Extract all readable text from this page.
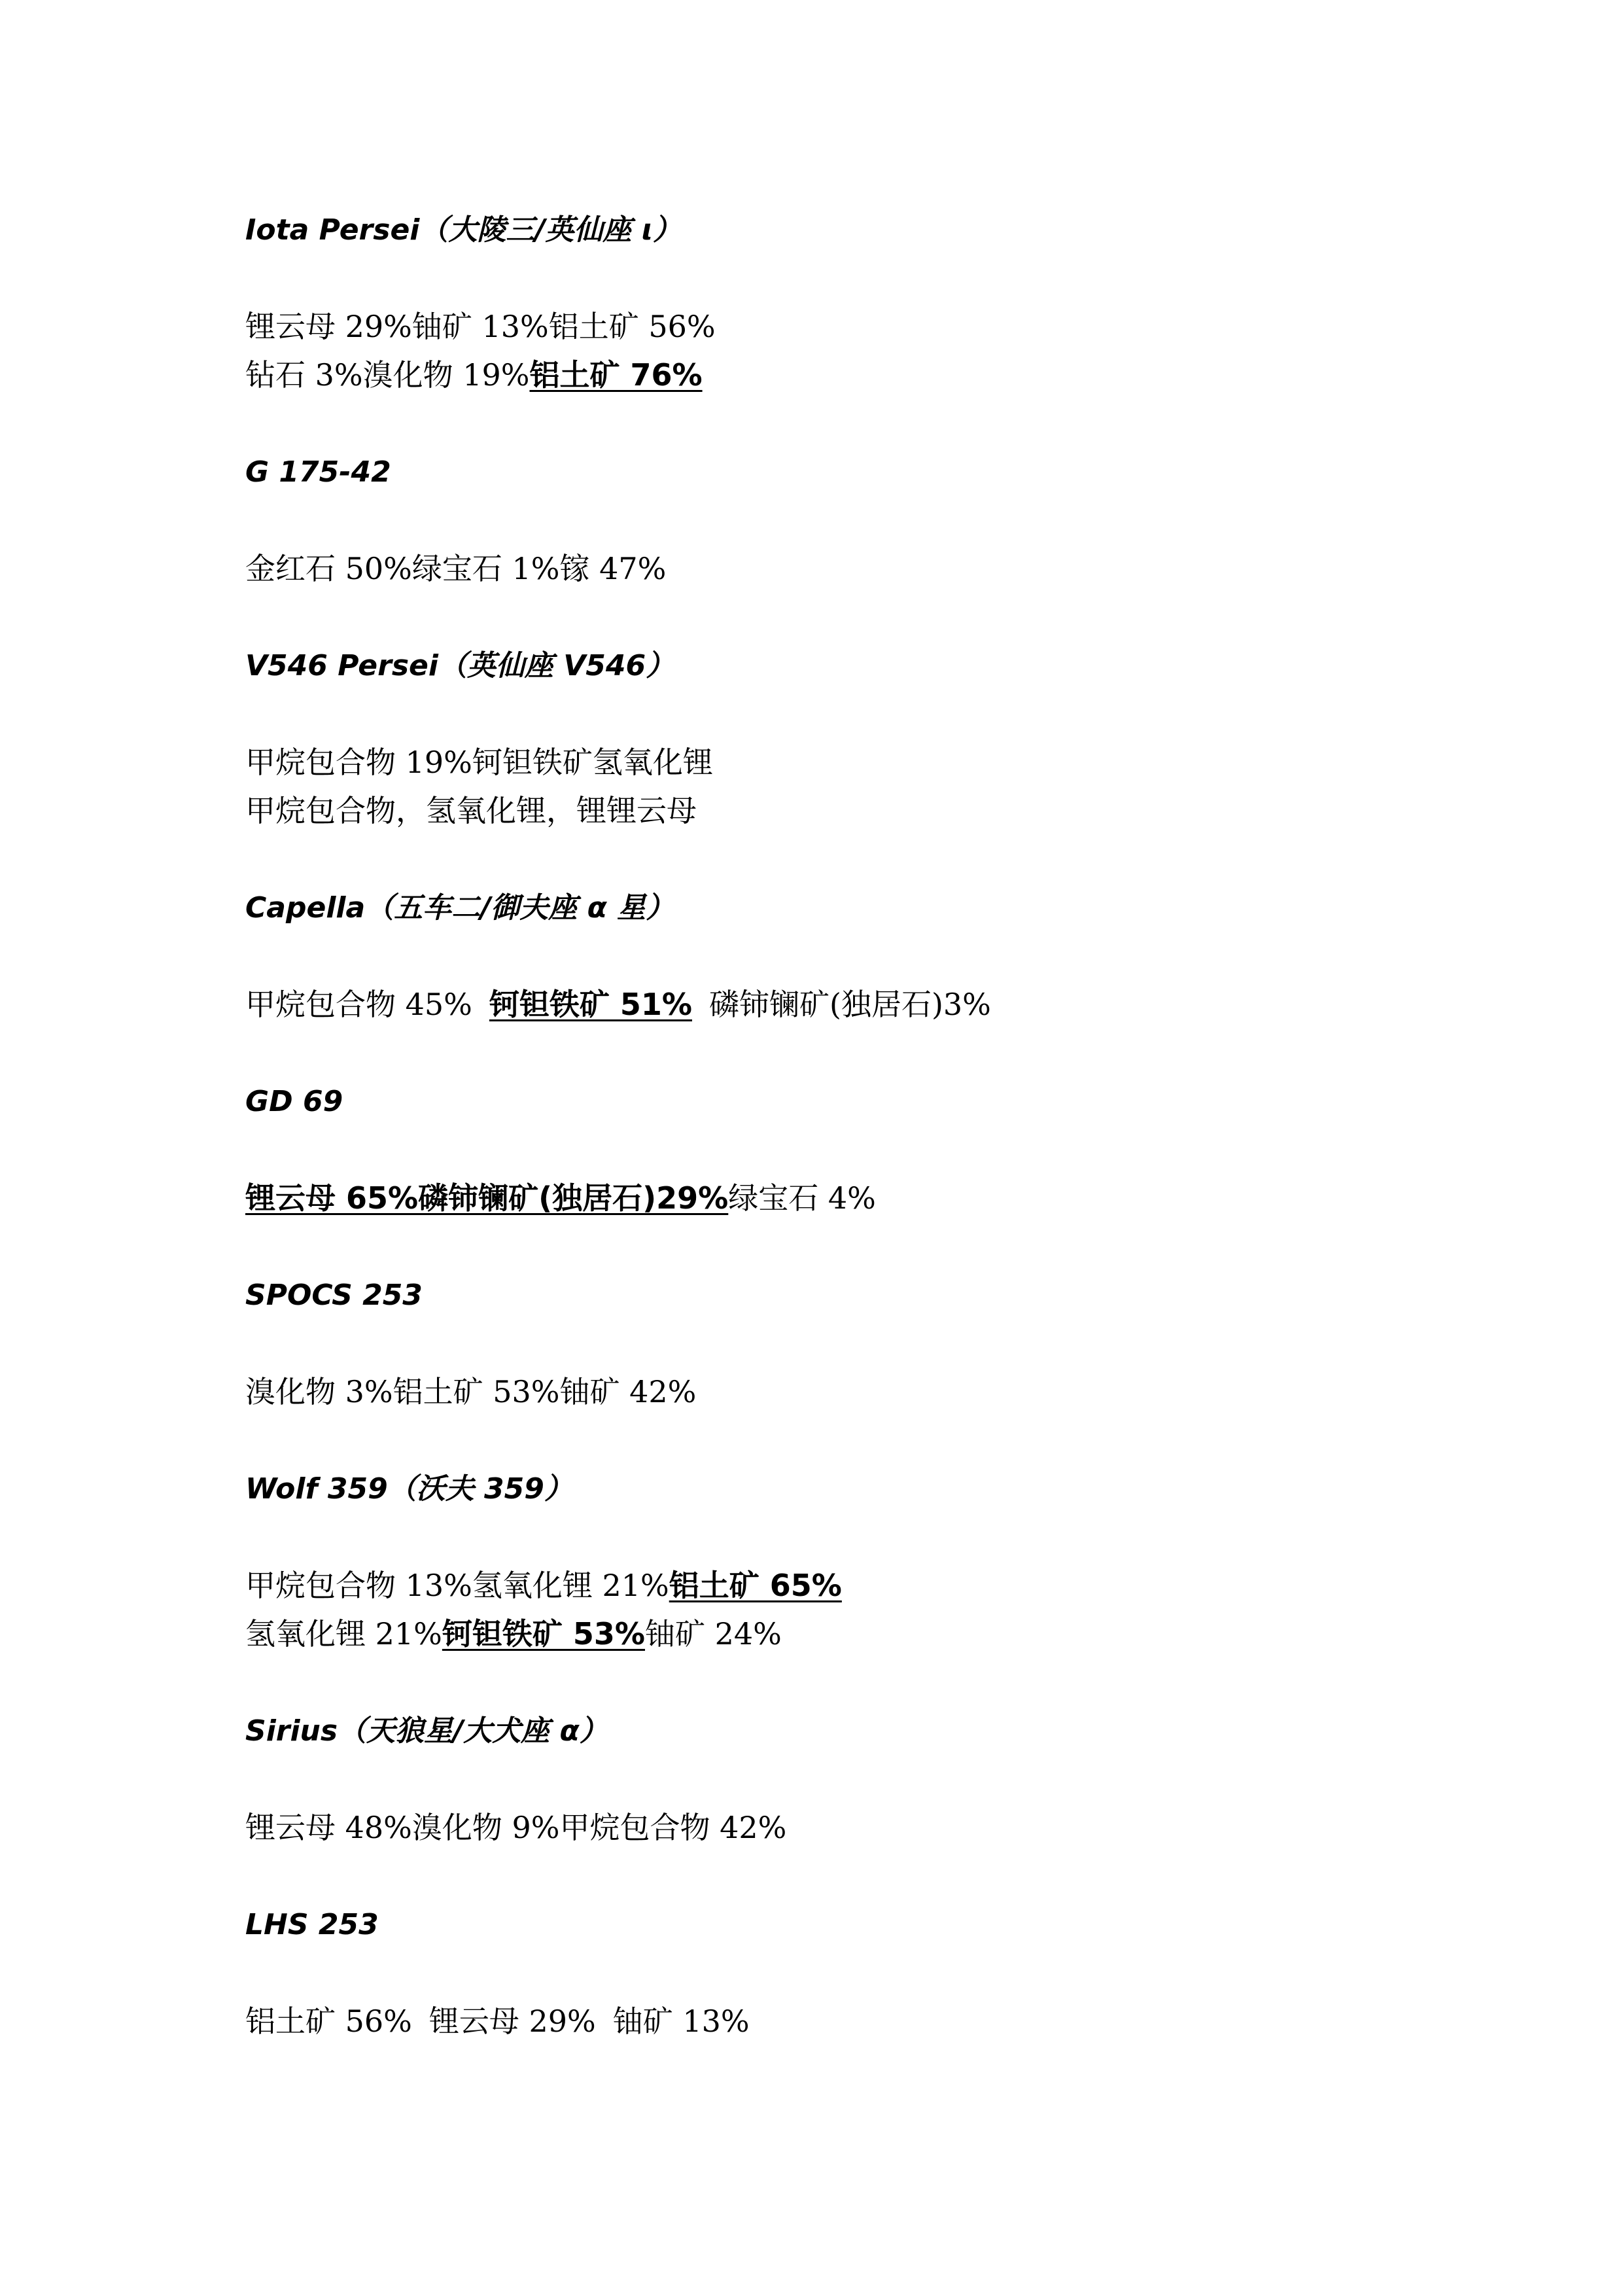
Iota Persei（大陵三/英仙座 ι）
锂云母 29%铀矿 13%铝土矿 56%
钻石 3%溴化物 19%铝土矿 76%
G 175-42
金红石 50%绿宝石 1%镓 47%
V546 Persei（英仙座 V546）
甲烷包合物 19%钶钽铁矿氢氧化锂
甲烷包合物，氢氧化锂，锂锂云母
Capella（五车二/御夫座 α 星）
甲烷包合物 45% 钶钽铁矿 51% 磷铈镧矿(独居石)3%
GD 69
锂云母 65%磷铈镧矿(独居石)29%绿宝石 4%
SPOCS 253
溴化物 3%铝土矿 53%铀矿 42%
Wolf 359（沃夫 359）
甲烷包合物 13%氢氧化锂 21%铝土矿 65%
氢氧化锂 21%钶钽铁矿 53%铀矿 24%
Sirius（天狼星/大犬座 α）
锂云母 48%溴化物 9%甲烷包合物 42%
LHS 253
铝土矿 56% 锂云母 29% 铀矿 13%
